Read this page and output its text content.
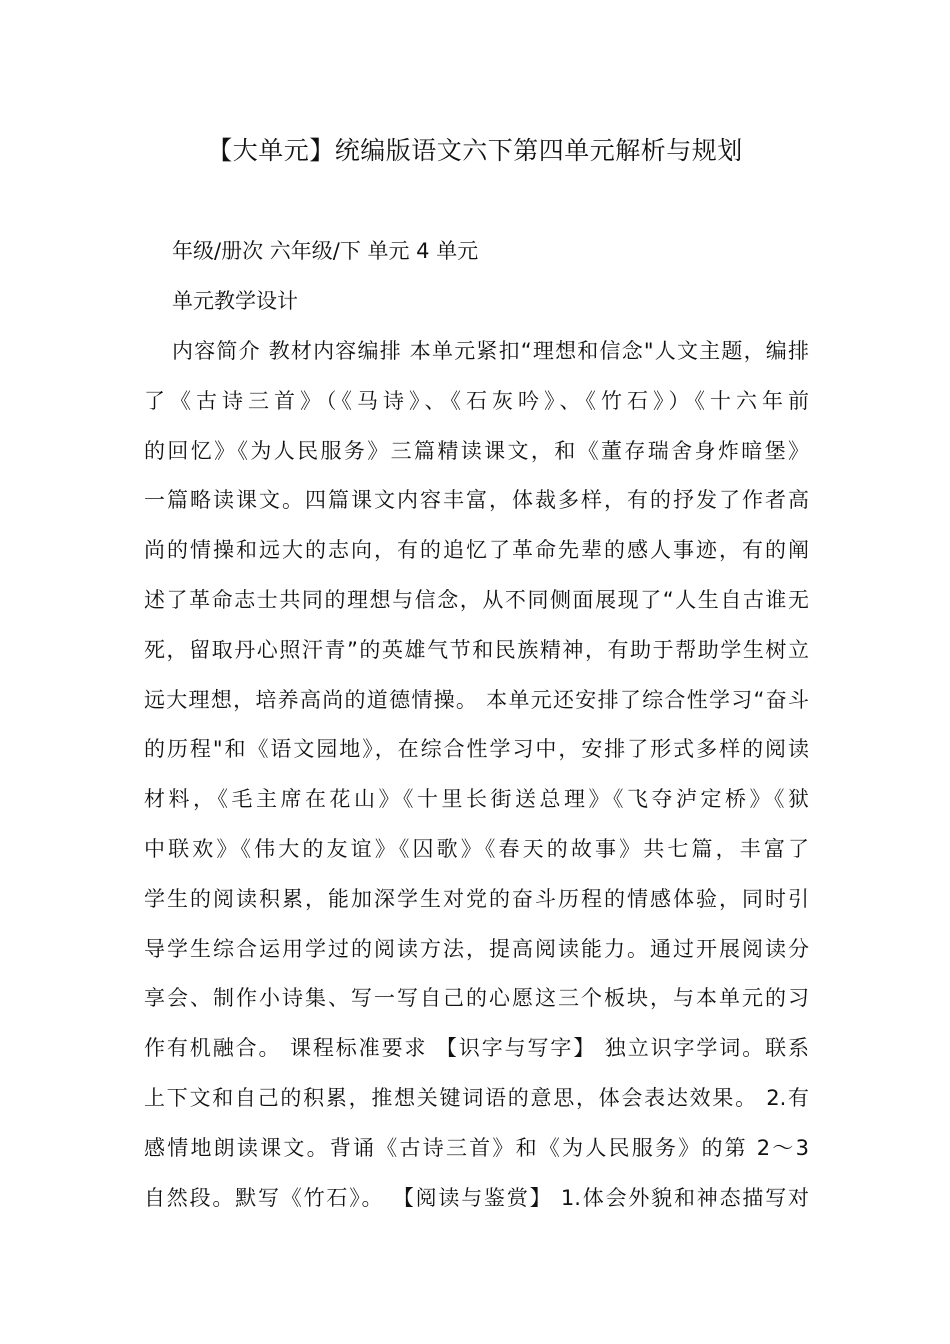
【大单元】统编版语文六下第四单元解析与规划
年级/册次 六年级/下 单元 4 单元
单元教学设计
内容简介 教材内容编排 本单元紧扣“理想和信念"人文主题，编排
了《古诗三首》（《马诗》、《石灰吟》、《竹石》）《十六年前
的回忆》《为人民服务》三篇精读课文，和《董存瑞舍身炸暗堡》
一篇略读课文。四篇课文内容丰富，体裁多样，有的抒发了作者高
尚的情操和远大的志向，有的追忆了革命先辈的感人事迹，有的阐
述了革命志士共同的理想与信念，从不同侧面展现了“人生自古谁无
死，留取丹心照汗青”的英雄气节和民族精神，有助于帮助学生树立
远大理想，培养高尚的道德情操。 本单元还安排了综合性学习“奋斗
的历程"和《语文园地》，在综合性学习中，安排了形式多样的阅读
材料，《毛主席在花山》《十里长街送总理》《飞夺泸定桥》《狱
中联欢》《伟大的友谊》《囚歌》《春天的故事》共七篇，丰富了
学生的阅读积累，能加深学生对党的奋斗历程的情感体验，同时引
导学生综合运用学过的阅读方法，提高阅读能力。通过开展阅读分
享会、制作小诗集、写一写自己的心愿这三个板块，与本单元的习
作有机融合。 课程标准要求 【识字与写字】 独立识字学词。联系
上下文和自己的积累，推想关键词语的意思，体会表达效果。 2.有
感情地朗读课文。背诵《古诗三首》和《为人民服务》的第 2～3
自然段。默写《竹石》。 【阅读与鉴赏】 1.体会外貌和神态描写对
